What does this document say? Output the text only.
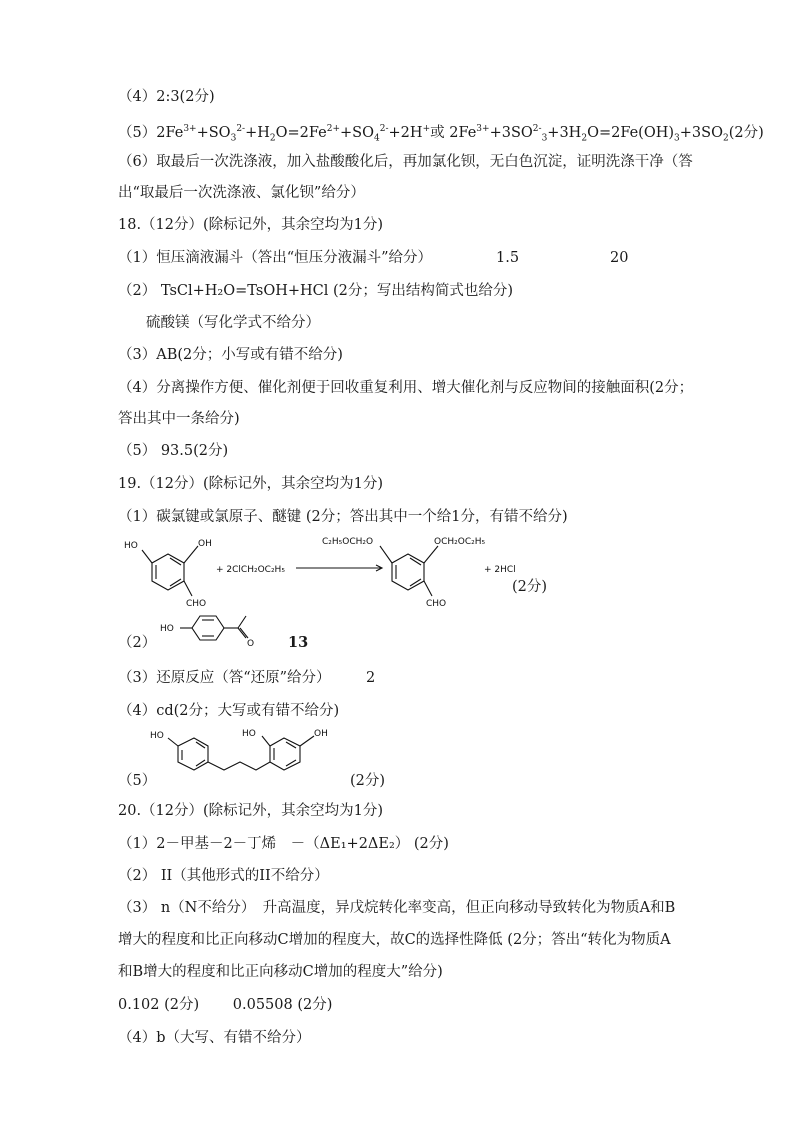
（4）2:3(2分)
$(5)2Fe^{3+}+SO_3^{2-}+H_2O=2Fe^{2+}+SO_4^{2-}+2H^+$或 $2Fe^{3+}+3SO^{2-}_3+3H_2O=2Fe(OH)_3+3SO_2(2$分)
（6）取最后一次洗涤液，加入盐酸酸化后，再加氯化钡，无白色沉淀，证明洗涤干净（答
出“取最后一次洗涤液、氯化钡”给分）
18.（12分）(除标记外，其余空均为1分)
（1）恒压滴液漏斗（答出“恒压分液漏斗”给分）	1.5	20
（2） TsCl+H₂O=TsOH+HCl (2分；写出结构简式也给分)
硫酸镁（写化学式不给分）
（3）AB(2分；小写或有错不给分)
（4）分离操作方便、催化剂便于回收重复利用、增大催化剂与反应物间的接触面积(2分；
答出其中一条给分)
（5） 93.5(2分)
19.（12分）(除标记外，其余空均为1分)
（1）碳氯键或氯原子、醚键 (2分；答出其中一个给1分，有错不给分)
HO	OH
CHO
+ 2ClCH₂OC₂H₅
C₂H₅OCH₂O	OCH₂OC₂H₅
CHO
+ 2HCl
(2分)
（2）
HO
O 13
（3）还原反应（答“还原”给分） 2
（4）cd(2分；大写或有错不给分)
（5）
HO	HO	OH
(2分)
20.（12分）(除标记外，其余空均为1分)
（1）2－甲基－2－丁烯　－（ΔE₁+2ΔE₂） (2分)
（2） II（其他形式的II不给分）
（3） n（N不给分）　升高温度，异戊烷转化率变高，但正向移动导致转化为物质A和B
增大的程度和比正向移动C增加的程度大，故C的选择性降低 (2分；答出“转化为物质A
和B增大的程度和比正向移动C增加的程度大”给分)
0.102 (2分)　　 0.05508 (2分)
（4）b（大写、有错不给分）
